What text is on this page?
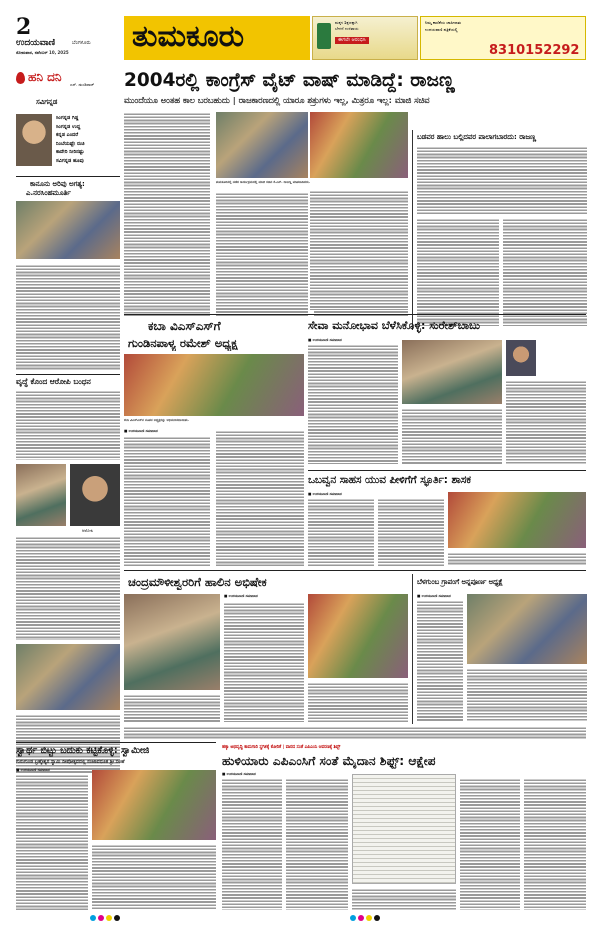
2
ಉದಯವಾಣಿ	ಬೆಂಗಳೂರು
ಸೋಮವಾರ, ನವೆಂಬರ್ 10, 2025 ತುಮಕೂರು	ಮಕ್ಕಳ ಶಿಕ್ಷಣಕ್ಕಾಗಿ
ಬೇಗನೆ ಉಳಿತಾಯ
ಈಗಲೇ ಆರಂಭಿಸಿ
ನಿಮ್ಮ ಕಾಣಿಕೆಯ ಜಾಹೀರಾತು
ಉದಯವಾಣಿ ಪತ್ರಿಕೆಯಲ್ಲಿ
8310152292
ಹನಿ ದನಿ
ಎಸ್. ಡುಂಡಿರಾಜ್
ಸವಿಗನ್ನಡ
ಸಿಂಗನ್ನಡ ಗಿಡ್ಡ
ಸಿಂಗನ್ನಡ ಉದ್ದ
ಕನ್ನಡ ಎಂದರೆ
ನಿಂಬೆಯಷ್ಟೇ ರುಚಿ
ಕಾವೇರಿ ನೀರಿನಷ್ಟು
ಸವಿಗನ್ನಡ ಹೂವು
ಕಾನೂನು ಅರಿವು ಅಗತ್ಯ:
ಎ.ನರಸಿಂಹಮೂರ್ತಿ
ವೃದ್ಧೆ ಕೊಂದ ಆರೋಪಿ ಬಂಧನ
ಆರೋಪಿ
2004ರಲ್ಲಿ ಕಾಂಗ್ರೆಸ್ ವೈಟ್ ವಾಷ್ ಮಾಡಿದ್ದೆ: ರಾಜಣ್ಣ
ಮುಂದೆಯೂ ಅಂತಹ ಕಾಲ ಬರಬಹುದು | ರಾಜಕಾರಣದಲ್ಲಿ ಯಾರೂ ಶತ್ರುಗಳು ಇಲ್ಲ, ಮಿತ್ರರೂ ಇಲ್ಲ: ಮಾಜಿ ಸಚಿವ
ತುಮಕೂರಿನಲ್ಲಿ ನಡೆದ ಕಾರ್ಯಕ್ರಮದಲ್ಲಿ ಮಾಜಿ ಸಚಿವ ಕೆ.ಎನ್. ರಾಜಣ್ಣ ಮಾತನಾಡಿದರು.
ಬಡವರ ಹಾಲು ಬಲ್ಲಿದವರ ಪಾಲಾಗಬಾರದು: ರಾಜಣ್ಣ
ಕಬಾ ವಿಎಸ್ಎಸ್‌ಗೆ
ಗುಂಡಿನಪಾಳ್ಯ ರಮೇಶ್ ಅಧ್ಯಕ್ಷ
ಕಬಾ ವಿಎಸ್ಎಸ್‌ನ ನೂತನ ಅಧ್ಯಕ್ಷರನ್ನು ಅಭಿನಂದಿಸಲಾಯಿತು.
■ ಉದಯವಾಣಿ ಸಮಾಚಾರ
ಸೇವಾ ಮನೋಭಾವ ಬೆಳೆಸಿಕೊಳ್ಳಿ: ಸುರೇಶ್‌ಬಾಬು
■ ಉದಯವಾಣಿ ಸಮಾಚಾರ
ಒಬವ್ವನ ಸಾಹಸ ಯುವ ಪೀಳಿಗೆಗೆ ಸ್ಫೂರ್ತಿ: ಶಾಸಕ
■ ಉದಯವಾಣಿ ಸಮಾಚಾರ
ಚಂದ್ರಮೌಳೀಶ್ವರರಿಗೆ ಹಾಲಿನ ಅಭಿಷೇಕ
■ ಉದಯವಾಣಿ ಸಮಾಚಾರ
ಬೆಳಗುಂಬ ಗ್ರಾಪಂಗೆ ಅನ್ನಪೂರ್ಣ ಅಧ್ಯಕ್ಷೆ
■ ಉದಯವಾಣಿ ಸಮಾಚಾರ
ಸ್ವಾರ್ಥ ಬಿಟ್ಟು ಬದುಕು ಕಟ್ಟಿಕೊಳ್ಳಿ: ಸ್ವಾಮೀಜಿ
ಗುರುಗುಂಡ ಬ್ರಹ್ಮೇಶ್ವರ ಸ್ವಾಮಿ ದೀಪೋತ್ಸವದಲ್ಲಿ ನಂಜಾವಧೂತ ಶ್ರೀ ಸಲಹೆ
■ ಉದಯವಾಣಿ ಸಮಾಚಾರ
ಹಕ್ಕಾ ಅಭಿವೃದ್ಧಿ ಕಾಮಗಾರಿ ಸ್ಥಗಿತಕ್ಕೆ ಕೋರಿಕೆ | ವಾರದ ಸಂತೆ ಎಪಿಎಂಸಿ ಆವರಣಕ್ಕೆ ಶಿಫ್ಟ್
ಹುಳಿಯಾರು ಎಪಿಎಂಸಿಗೆ ಸಂತೆ ಮೈದಾನ ಶಿಫ್ಟ್: ಆಕ್ಷೇಪ
■ ಉದಯವಾಣಿ ಸಮಾಚಾರ
